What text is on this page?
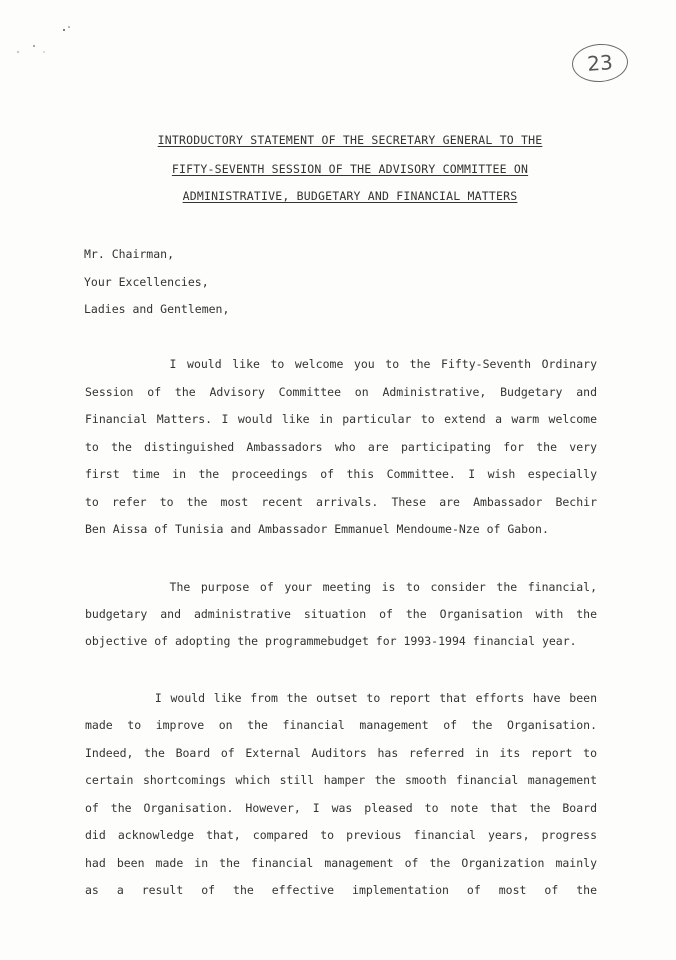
23
INTRODUCTORY STATEMENT OF THE SECRETARY GENERAL TO THE
FIFTY-SEVENTH SESSION OF THE ADVISORY COMMITTEE ON
ADMINISTRATIVE, BUDGETARY AND FINANCIAL MATTERS
Mr. Chairman,
Your Excellencies,
Ladies and Gentlemen,
I would like to welcome you to the Fifty-Seventh Ordinary
Session of the Advisory Committee on Administrative, Budgetary and
Financial Matters. I would like in particular to extend a warm welcome
to the distinguished Ambassadors who are participating for the very
first time in the proceedings of this Committee. I wish especially
to refer to the most recent arrivals. These are Ambassador Bechir
Ben Aissa of Tunisia and Ambassador Emmanuel Mendoume-Nze of Gabon.
The purpose of your meeting is to consider the financial,
budgetary and administrative situation of the Organisation with the
objective of adopting the programmebudget for 1993-1994 financial year.
I would like from the outset to report that efforts have been
made to improve on the financial management of the Organisation.
Indeed, the Board of External Auditors has referred in its report to
certain shortcomings which still hamper the smooth financial management
of the Organisation. However, I was pleased to note that the Board
did acknowledge that, compared to previous financial years, progress
had been made in the financial management of the Organization mainly
as a result of the effective implementation of most of the
